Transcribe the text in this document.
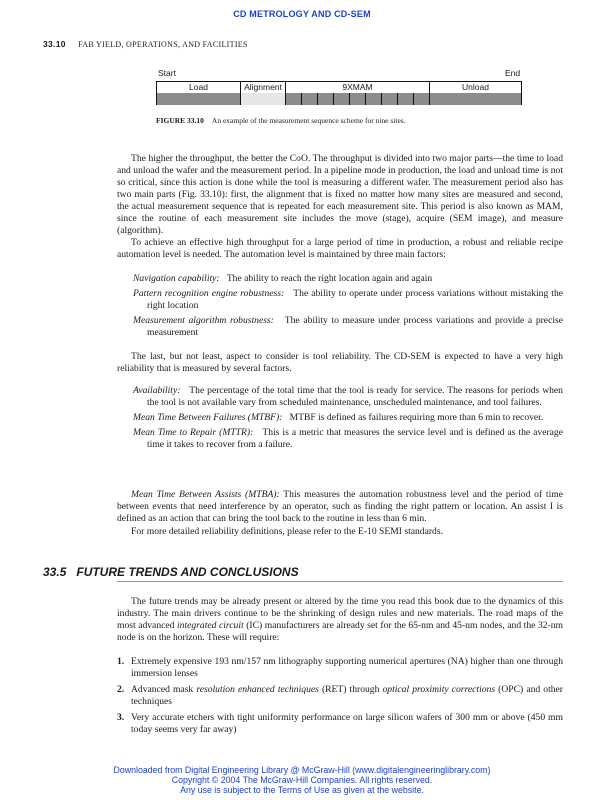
CD METROLOGY AND CD-SEM
33.10 FAB YIELD, OPERATIONS, AND FACILITIES
Start	End
Load	Alignment	9XMAM	Unload
FIGURE 33.10 An example of the measurement sequence scheme for nine sites.
The higher the throughput, the better the CoO. The throughput is divided into two major parts—the time to load and unload the wafer and the measurement period. In a pipeline mode in production, the load and unload time is not so critical, since this action is done while the tool is measuring a different wafer. The measurement period also has two main parts (Fig. 33.10): first, the alignment that is fixed no matter how many sites are measured and second, the actual measurement sequence that is repeated for each measurement site. This period is also known as MAM, since the routine of each measurement site includes the move (stage), acquire (SEM image), and measure (algorithm).
To achieve an effective high throughput for a large period of time in production, a robust and reliable recipe automation level is needed. The automation level is maintained by three main factors:
Navigation capability: The ability to reach the right location again and again
Pattern recognition engine robustness: The ability to operate under process variations without mistaking the right location
Measurement algorithm robustness: The ability to measure under process variations and provide a precise measurement
The last, but not least, aspect to consider is tool reliability. The CD-SEM is expected to have a very high reliability that is measured by several factors.
Availability: The percentage of the total time that the tool is ready for service. The reasons for periods when the tool is not available vary from scheduled maintenance, unscheduled maintenance, and tool failures.
Mean Time Between Failures (MTBF): MTBF is defined as failures requiring more than 6 min to recover.
Mean Time to Repair (MTTR): This is a metric that measures the service level and is defined as the average time it takes to recover from a failure.
Mean Time Between Assists (MTBA): This measures the automation robustness level and the period of time between events that need interference by an operator, such as finding the right pattern or location. An assist I is defined as an action that can bring the tool back to the routine in less than 6 min.
For more detailed reliability definitions, please refer to the E-10 SEMI standards.
33.5 FUTURE TRENDS AND CONCLUSIONS
The future trends may be already present or altered by the time you read this book due to the dynamics of this industry. The main drivers continue to be the shrinking of design rules and new materials. The road maps of the most advanced integrated circuit (IC) manufacturers are already set for the 65-nm and 45-nm nodes, and the 32-nm node is on the horizon. These will require:
1. Extremely expensive 193 nm/157 nm lithography supporting numerical apertures (NA) higher than one through immersion lenses
2. Advanced mask resolution enhanced techniques (RET) through optical proximity corrections (OPC) and other techniques
3. Very accurate etchers with tight uniformity performance on large silicon wafers of 300 mm or above (450 mm today seems very far away)
Downloaded from Digital Engineering Library @ McGraw-Hill (www.digitalengineeringlibrary.com)
Copyright © 2004 The McGraw-Hill Companies. All rights reserved.
Any use is subject to the Terms of Use as given at the website.
